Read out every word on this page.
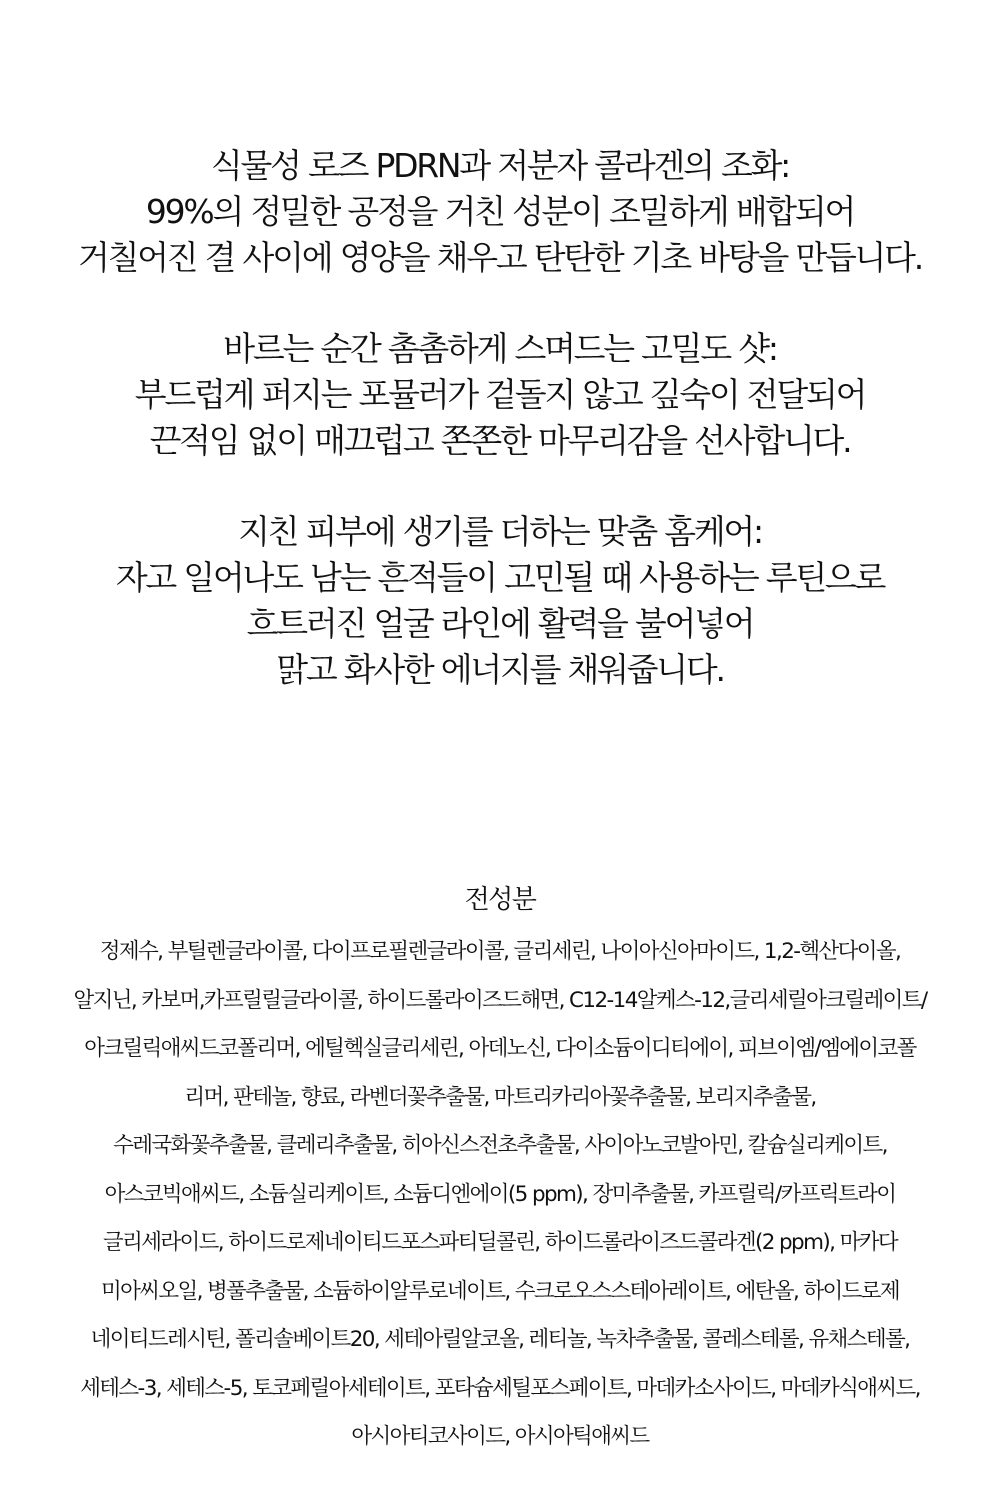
식물성 로즈 PDRN과 저분자 콜라겐의 조화:
99%의 정밀한 공정을 거친 성분이 조밀하게 배합되어
거칠어진 결 사이에 영양을 채우고 탄탄한 기초 바탕을 만듭니다.

바르는 순간 촘촘하게 스며드는 고밀도 샷:
부드럽게 퍼지는 포뮬러가 겉돌지 않고 깊숙이 전달되어
끈적임 없이 매끄럽고 쫀쫀한 마무리감을 선사합니다.

지친 피부에 생기를 더하는 맞춤 홈케어:
자고 일어나도 남는 흔적들이 고민될 때 사용하는 루틴으로
흐트러진 얼굴 라인에 활력을 불어넣어
맑고 화사한 에너지를 채워줍니다.

전성분
정제수, 부틸렌글라이콜, 다이프로필렌글라이콜, 글리세린, 나이아신아마이드, 1,2-헥산다이올,
알지닌, 카보머,카프릴릴글라이콜, 하이드롤라이즈드해면, C12-14알케스-12,글리세릴아크릴레이트/
아크릴릭애씨드코폴리머, 에틸헥실글리세린, 아데노신, 다이소듐이디티에이, 피브이엠/엠에이코폴
리머, 판테놀, 향료, 라벤더꽃추출물, 마트리카리아꽃추출물, 보리지추출물,
수레국화꽃추출물, 클레리추출물, 히아신스전초추출물, 사이아노코발아민, 칼슘실리케이트,
아스코빅애씨드, 소듐실리케이트, 소듐디엔에이(5 ppm), 장미추출물, 카프릴릭/카프릭트라이
글리세라이드, 하이드로제네이티드포스파티딜콜린, 하이드롤라이즈드콜라겐(2 ppm), 마카다
미아씨오일, 병풀추출물, 소듐하이알루로네이트, 수크로오스스테아레이트, 에탄올, 하이드로제
네이티드레시틴, 폴리솔베이트20, 세테아릴알코올, 레티놀, 녹차추출물, 콜레스테롤, 유채스테롤,
세테스-3, 세테스-5, 토코페릴아세테이트, 포타슘세틸포스페이트, 마데카소사이드, 마데카식애씨드,
아시아티코사이드, 아시아틱애씨드
